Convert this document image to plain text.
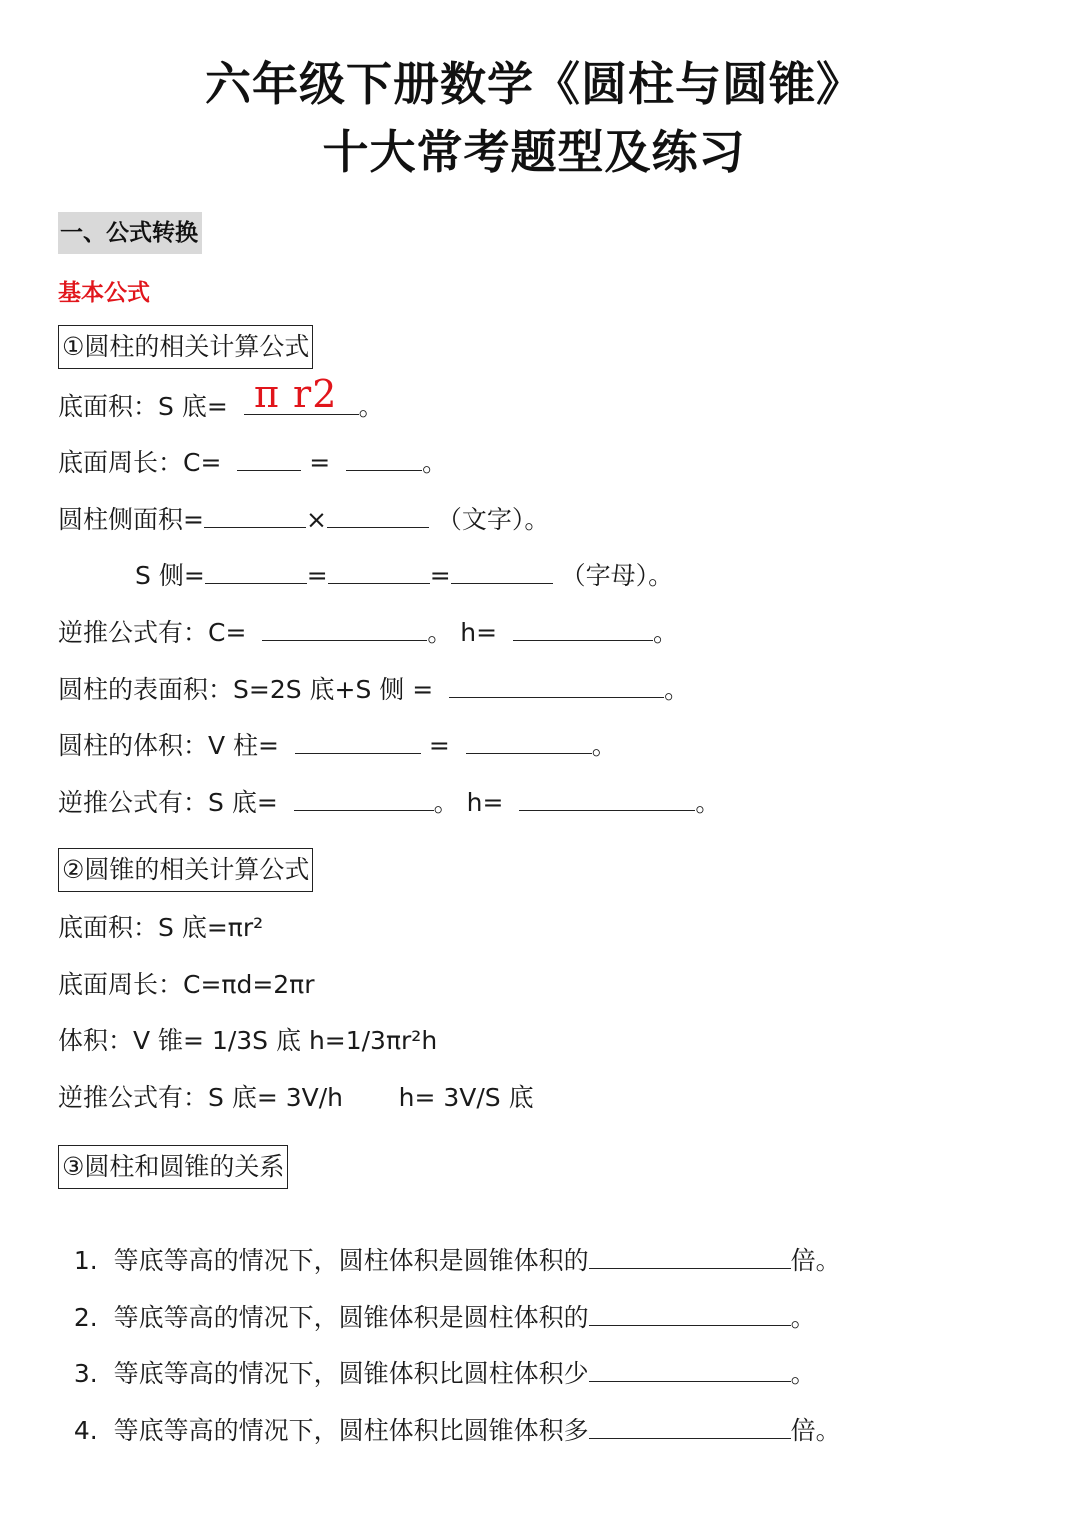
六年级下册数学《圆柱与圆锥》
十大常考题型及练习
一、公式转换
基本公式
①圆柱的相关计算公式
底面积：S 底=	。
π r2
底面周长：C=	=	。
圆柱侧面积=	×	（文字）。
S 侧=	=	=	（字母）。
逆推公式有：C=	。 h=	。
圆柱的表面积：S=2S 底+S 侧 =	。
圆柱的体积：V 柱=	=	。
逆推公式有：S 底=	。 h=	。
②圆锥的相关计算公式
底面积：S 底=πr²
底面周长：C=πd=2πr
体积：V 锥= 1/3S 底 h=1/3πr²h
逆推公式有：S 底= 3V/h       h= 3V/S 底
③圆柱和圆锥的关系

1.  等底等高的情况下，圆柱体积是圆锥体积的	倍。

2.  等底等高的情况下，圆锥体积是圆柱体积的	。

3.  等底等高的情况下，圆锥体积比圆柱体积少	。

4.  等底等高的情况下，圆柱体积比圆锥体积多	倍。
